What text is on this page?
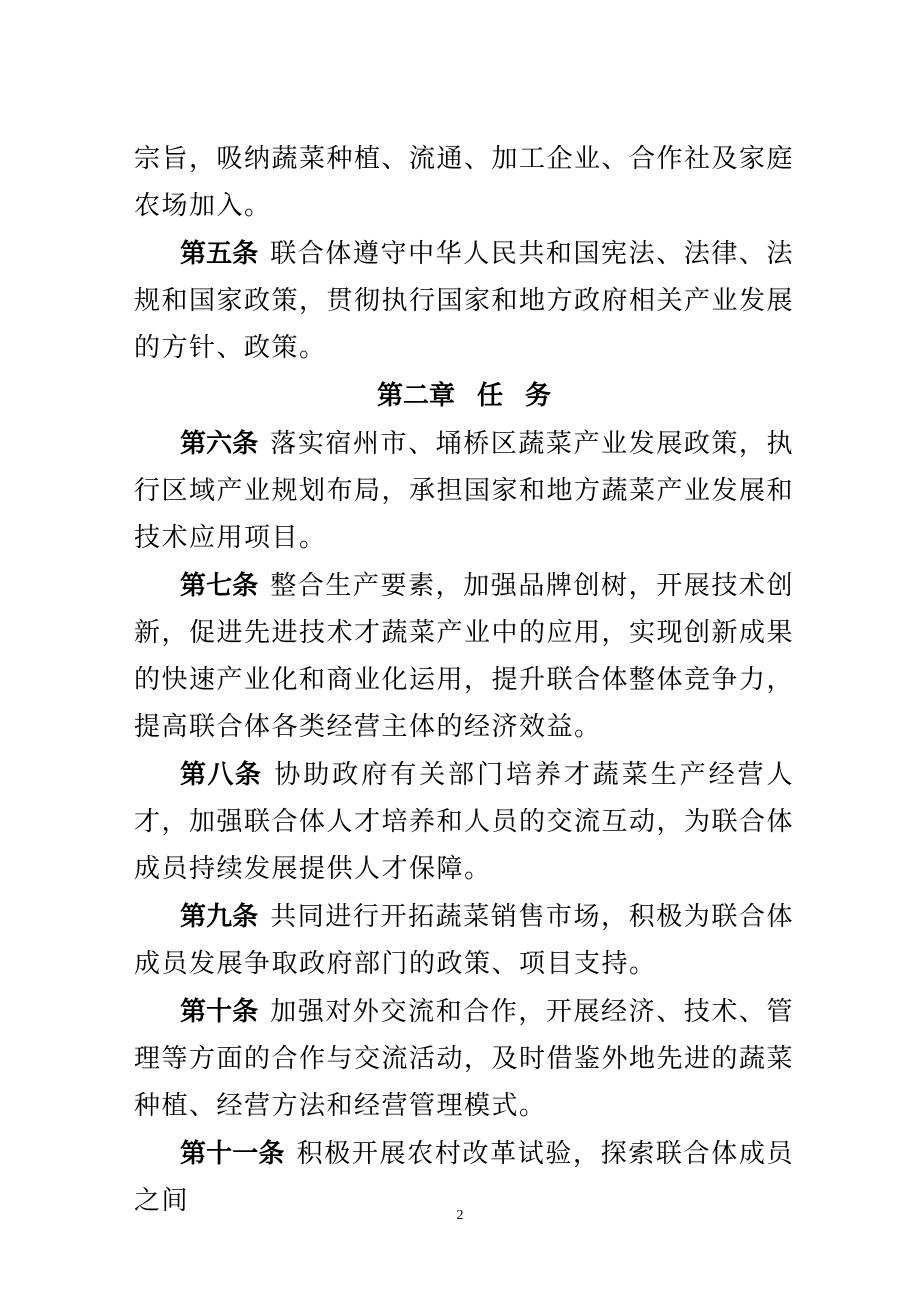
宗旨，吸纳蔬菜种植、流通、加工企业、合作社及家庭农场加入。

第五条 联合体遵守中华人民共和国宪法、法律、法规和国家政策，贯彻执行国家和地方政府相关产业发展的方针、政策。

第二章 任 务

第六条 落实宿州市、埇桥区蔬菜产业发展政策，执行区域产业规划布局，承担国家和地方蔬菜产业发展和技术应用项目。

第七条 整合生产要素，加强品牌创树，开展技术创新，促进先进技术才蔬菜产业中的应用，实现创新成果的快速产业化和商业化运用，提升联合体整体竞争力，提高联合体各类经营主体的经济效益。

第八条 协助政府有关部门培养才蔬菜生产经营人才，加强联合体人才培养和人员的交流互动，为联合体成员持续发展提供人才保障。

第九条 共同进行开拓蔬菜销售市场，积极为联合体成员发展争取政府部门的政策、项目支持。

第十条 加强对外交流和合作，开展经济、技术、管理等方面的合作与交流活动，及时借鉴外地先进的蔬菜种植、经营方法和经营管理模式。

第十一条 积极开展农村改革试验，探索联合体成员之间	2
